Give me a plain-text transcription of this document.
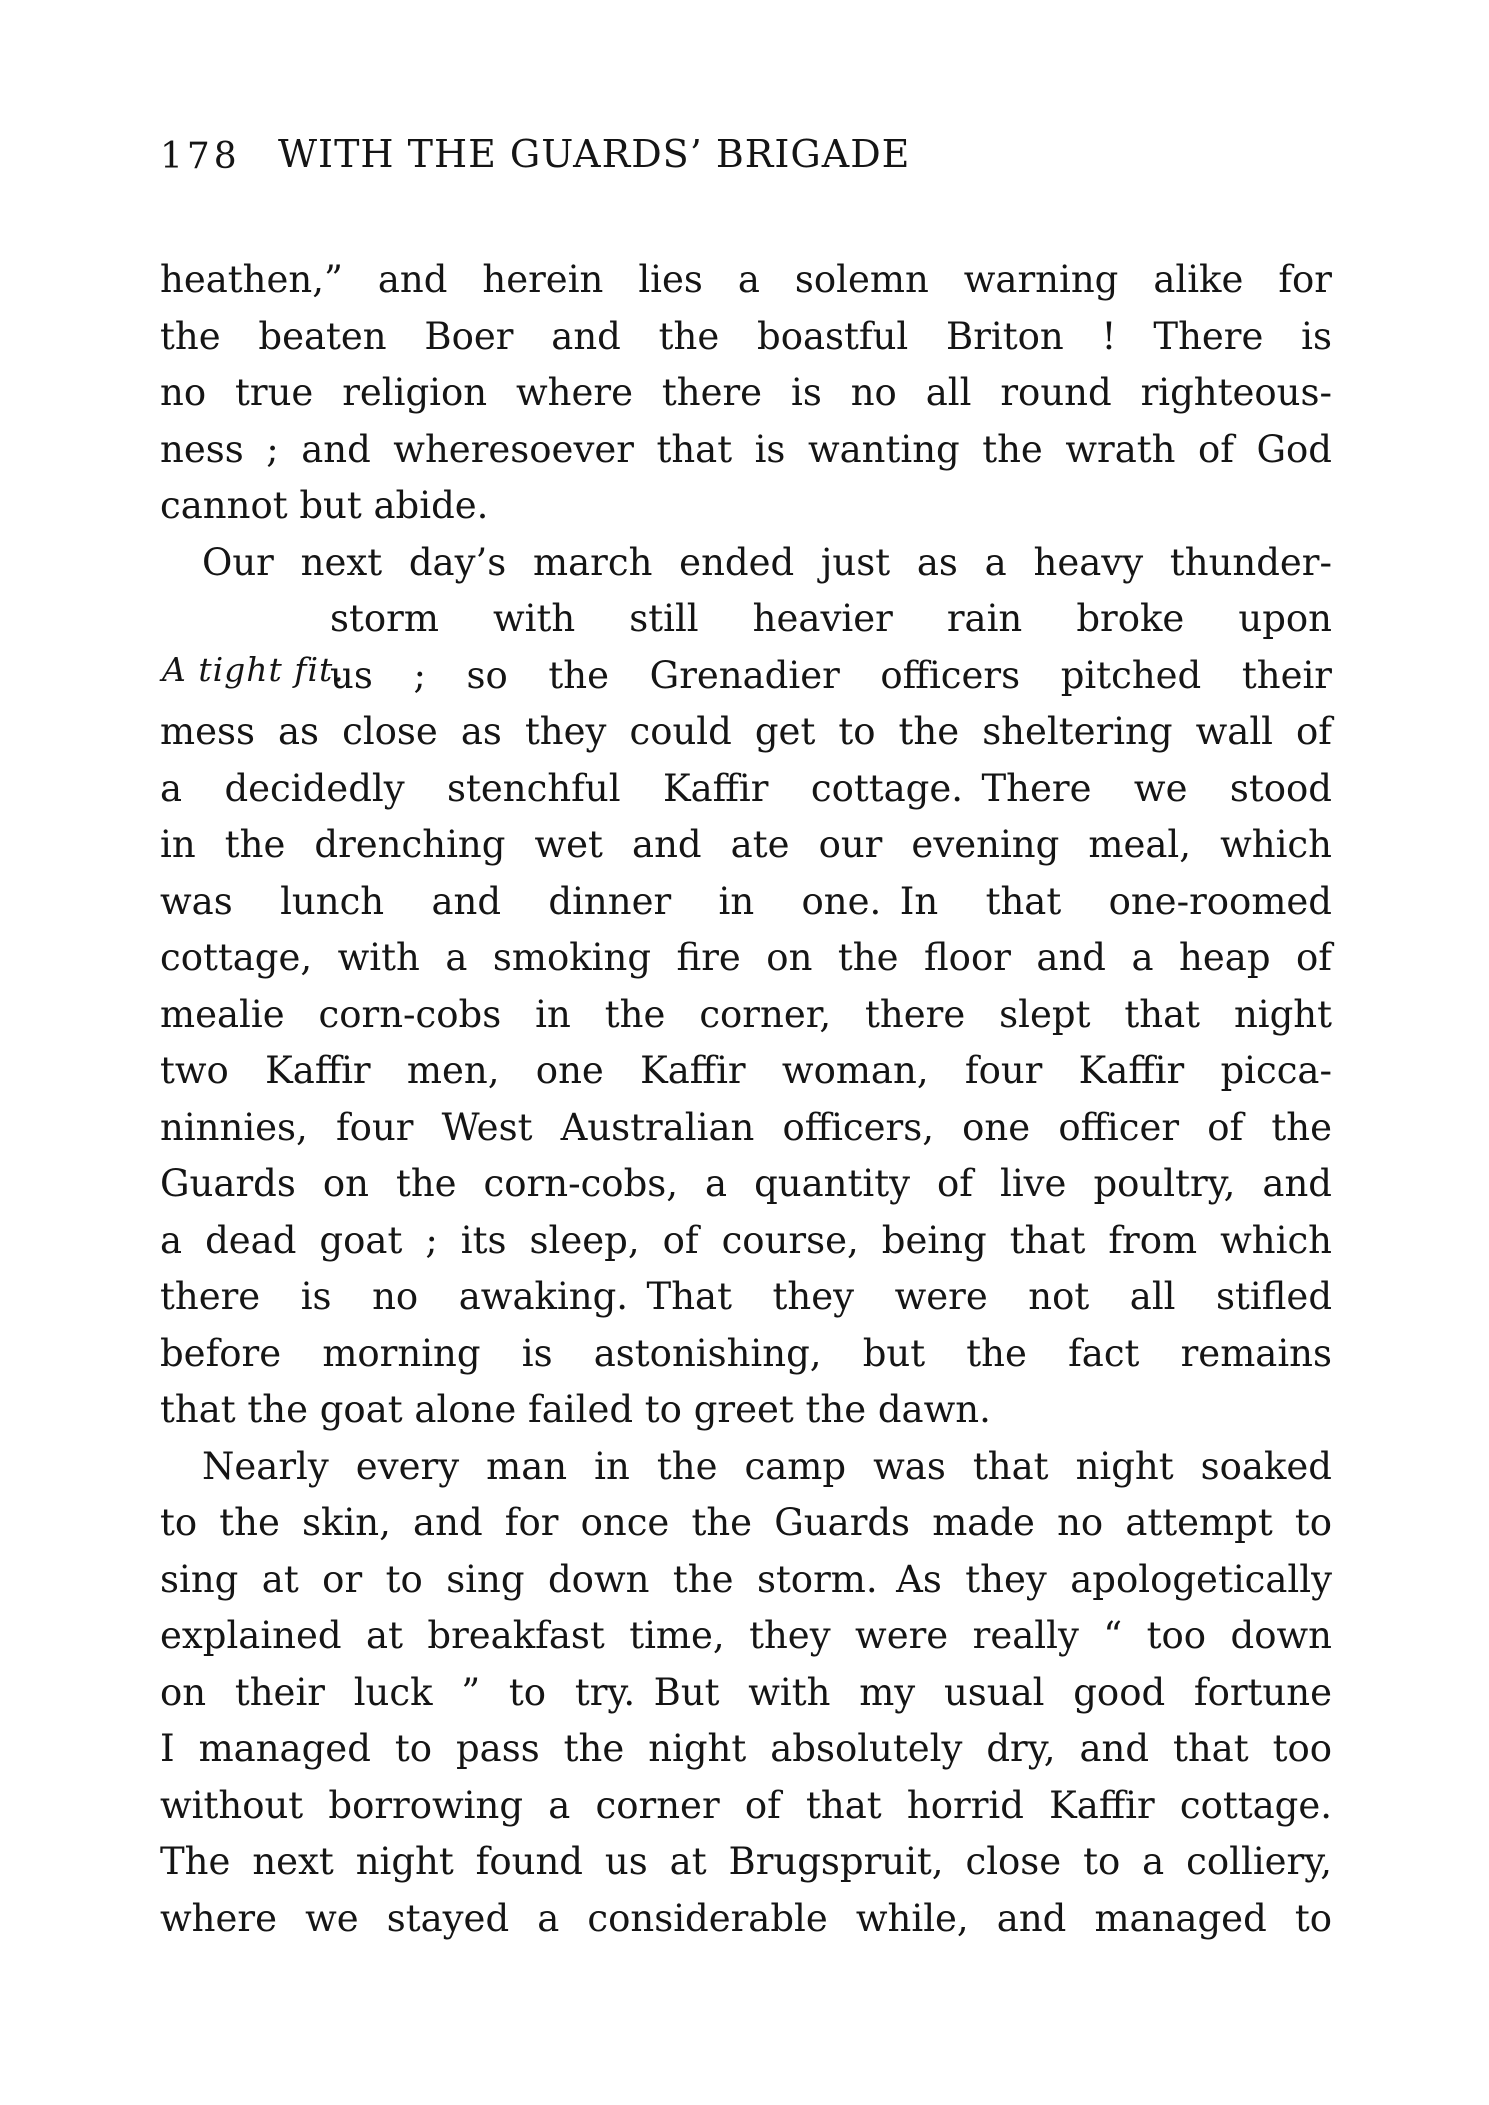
178 WITH THE GUARDS’ BRIGADE
heathen,” and herein lies a solemn warning alike for
the beaten Boer and the boastful Briton ! There is
no true religion where there is no all round righteous-
ness ; and wheresoever that is wanting the wrath of God
cannot but abide.
Our next day’s march ended just as a heavy thunder-
storm with still heavier rain broke upon
us ; so the Grenadier officers pitched their
mess as close as they could get to the sheltering wall of
a decidedly stenchful Kaffir cottage. There we stood
in the drenching wet and ate our evening meal, which
was lunch and dinner in one. In that one-roomed
cottage, with a smoking fire on the floor and a heap of
mealie corn-cobs in the corner, there slept that night
two Kaffir men, one Kaffir woman, four Kaffir picca-
ninnies, four West Australian officers, one officer of the
Guards on the corn-cobs, a quantity of live poultry, and
a dead goat ; its sleep, of course, being that from which
there is no awaking. That they were not all stifled
before morning is astonishing, but the fact remains
that the goat alone failed to greet the dawn.
Nearly every man in the camp was that night soaked
to the skin, and for once the Guards made no attempt to
sing at or to sing down the storm. As they apologetically
explained at breakfast time, they were really “ too down
on their luck ” to try. But with my usual good fortune
I managed to pass the night absolutely dry, and that too
without borrowing a corner of that horrid Kaffir cottage.
The next night found us at Brugspruit, close to a colliery,
where we stayed a considerable while, and managed to
A tight fit.
